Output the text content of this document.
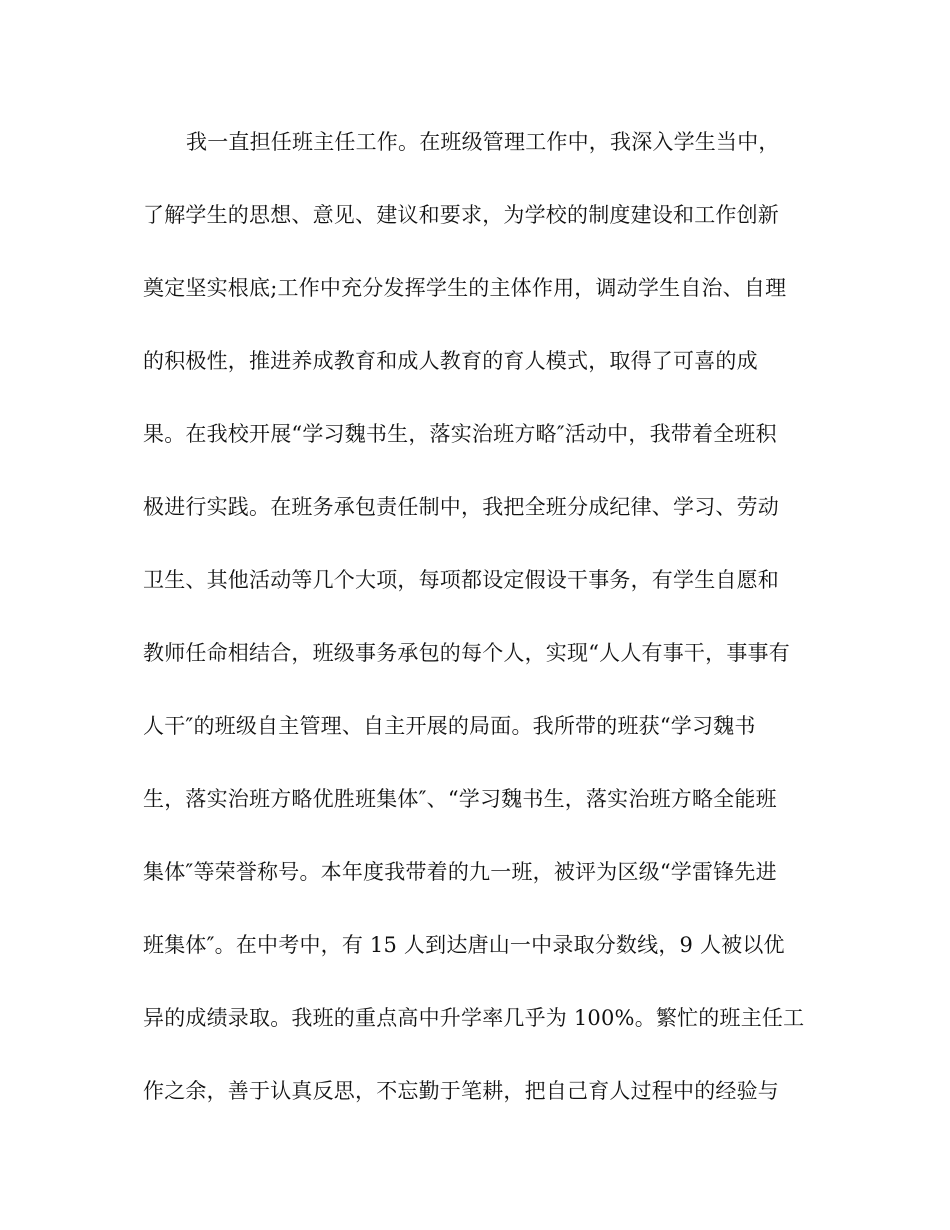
我一直担任班主任工作。在班级管理工作中，我深入学生当中，
了解学生的思想、意见、建议和要求，为学校的制度建设和工作创新
奠定坚实根底;工作中充分发挥学生的主体作用，调动学生自治、自理
的积极性，推进养成教育和成人教育的育人模式，取得了可喜的成
果。在我校开展“学习魏书生，落实治班方略″活动中，我带着全班积
极进行实践。在班务承包责任制中，我把全班分成纪律、学习、劳动
卫生、其他活动等几个大项，每项都设定假设干事务，有学生自愿和
教师任命相结合，班级事务承包的每个人，实现“人人有事干，事事有
人干″的班级自主管理、自主开展的局面。我所带的班获“学习魏书
生，落实治班方略优胜班集体″、“学习魏书生，落实治班方略全能班
集体″等荣誉称号。本年度我带着的九一班，被评为区级“学雷锋先进
班集体″。在中考中，有 15 人到达唐山一中录取分数线，9 人被以优
异的成绩录取。我班的重点高中升学率几乎为 100%。繁忙的班主任工
作之余，善于认真反思，不忘勤于笔耕，把自己育人过程中的经验与
